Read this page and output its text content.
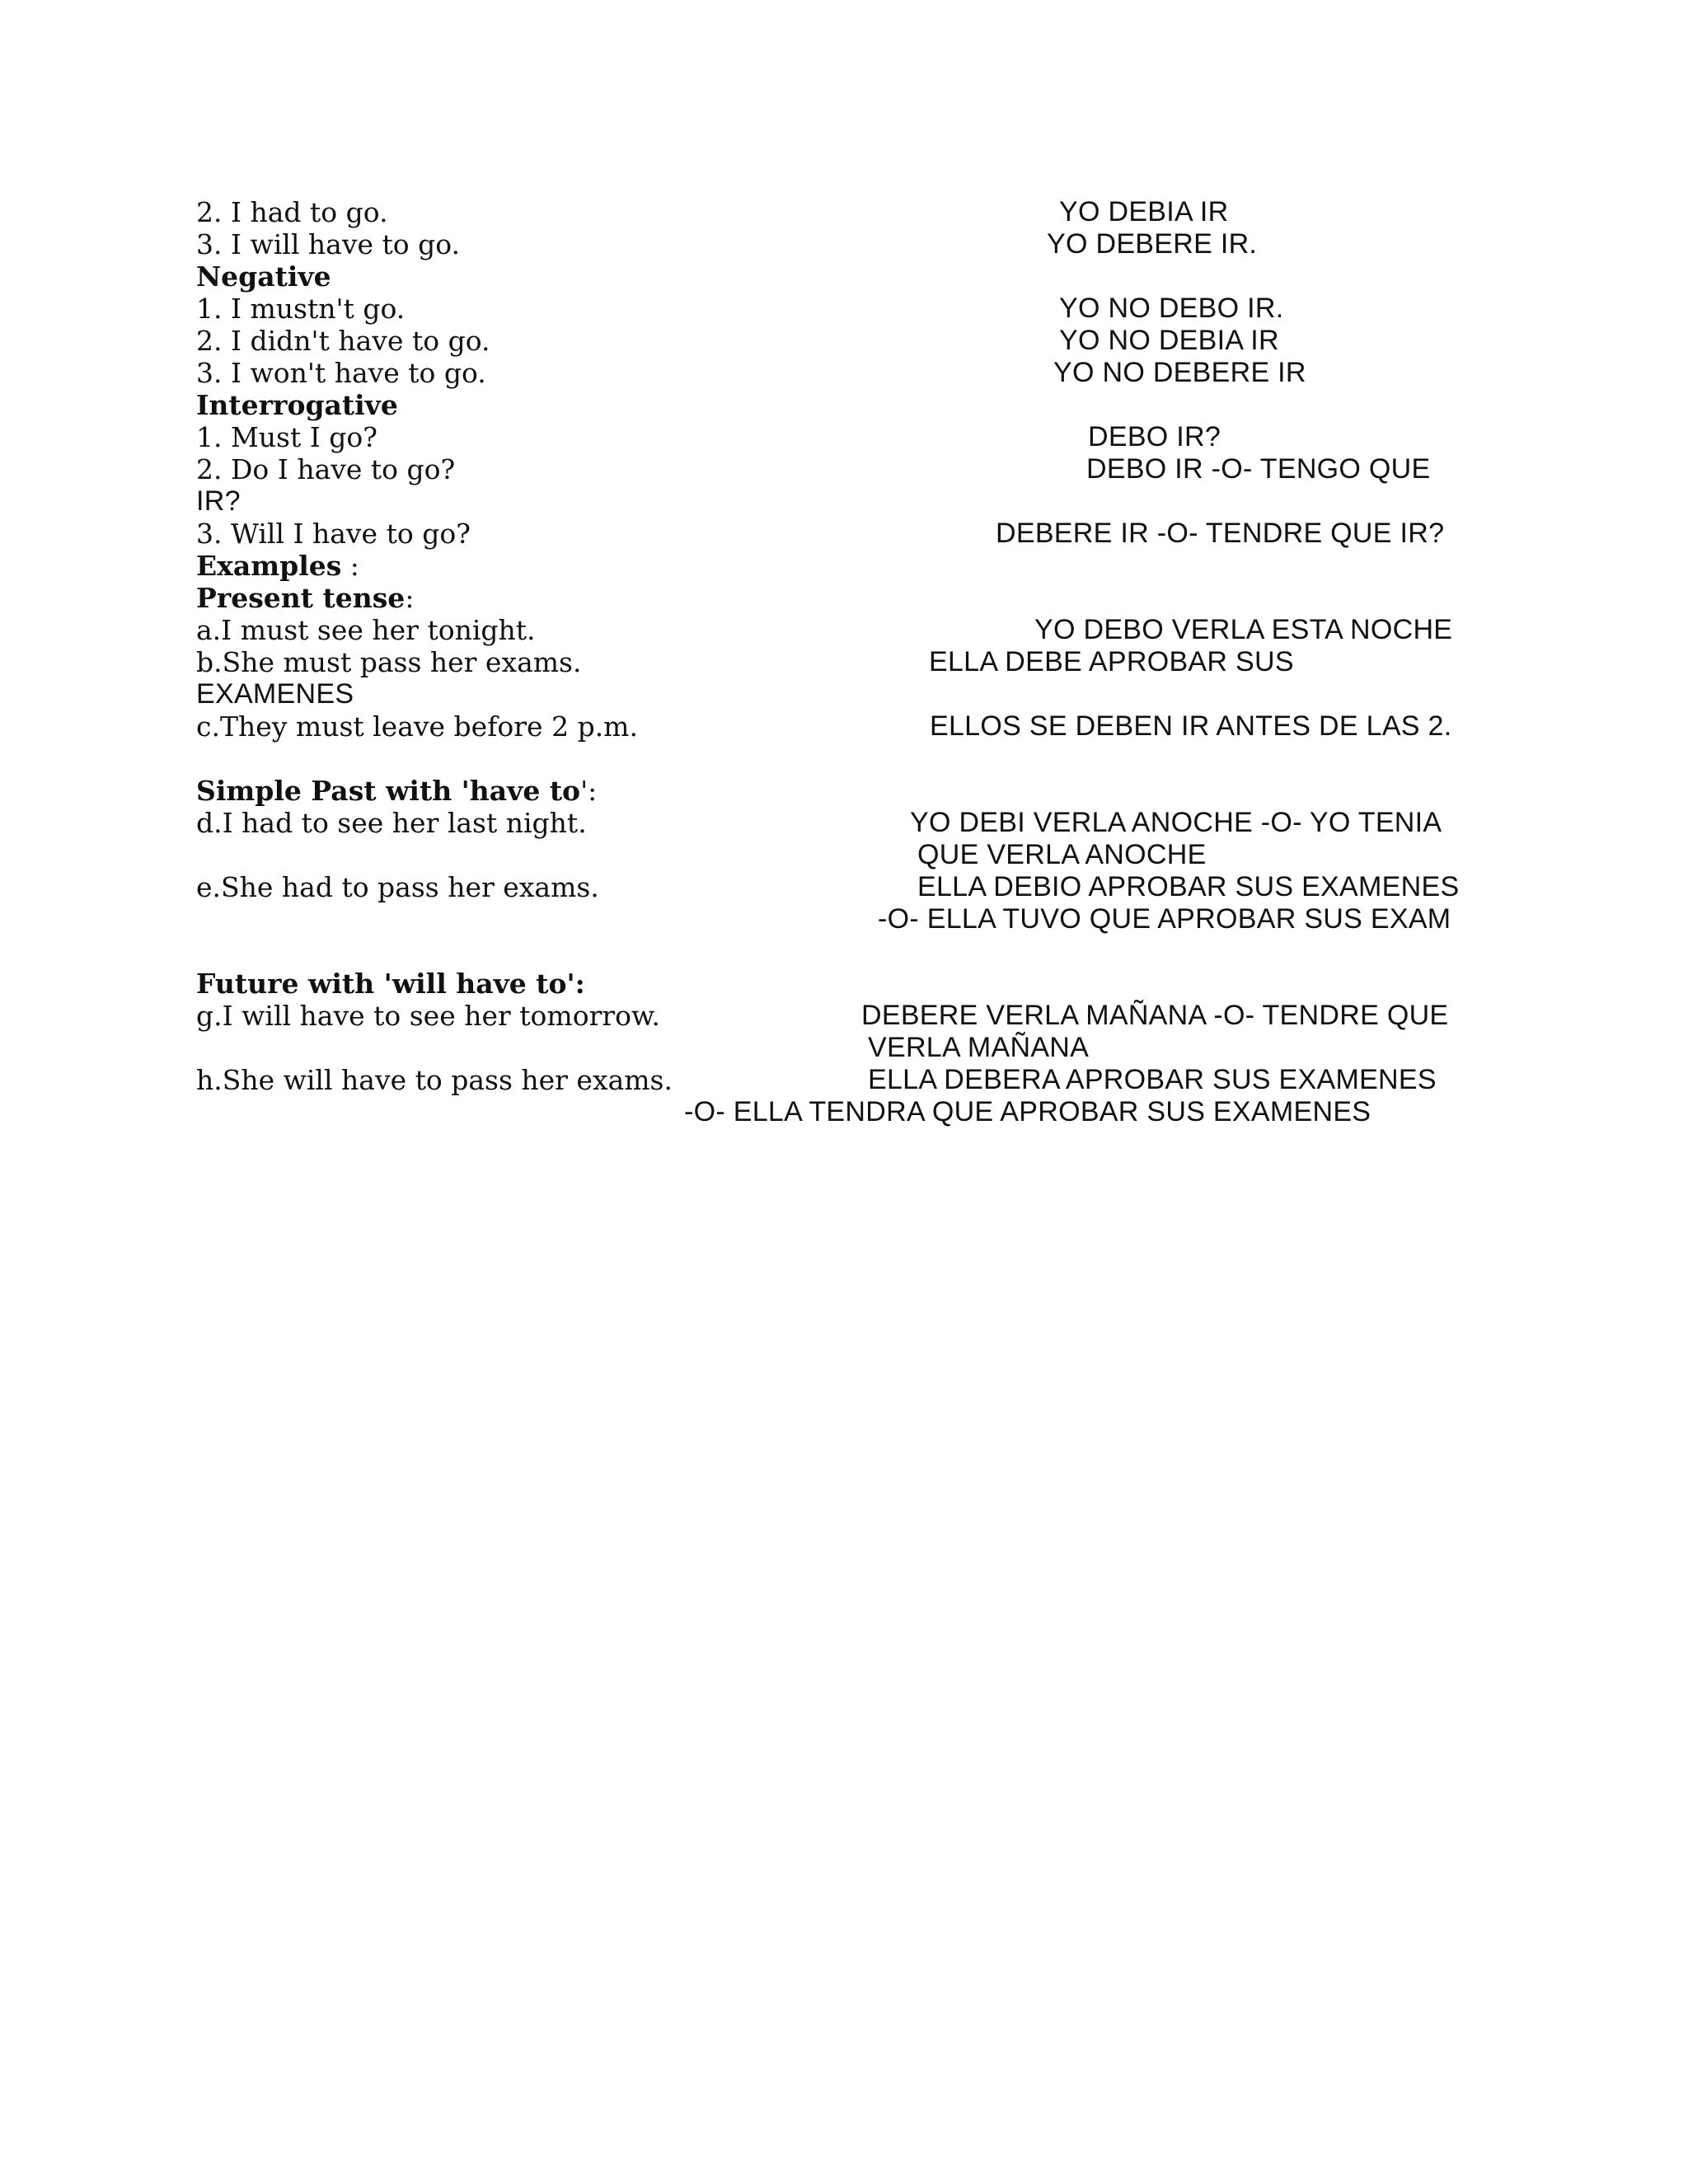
2. I had to go.	YO DEBIA IR
3. I will have to go.	YO DEBERE IR.
Negative
1. I mustn't go.	YO NO DEBO IR.
2. I didn't have to go.	YO NO DEBIA IR
3. I won't have to go.	YO NO DEBERE IR
Interrogative
1. Must I go?	DEBO IR?
2. Do I have to go?	DEBO IR -O- TENGO QUE
IR?
3. Will I have to go?	DEBERE IR -O- TENDRE QUE IR?
Examples :
Present tense:
a.I must see her tonight.	YO DEBO VERLA ESTA NOCHE
b.She must pass her exams.	ELLA DEBE APROBAR SUS
EXAMENES
c.They must leave before 2 p.m.	ELLOS SE DEBEN IR ANTES DE LAS 2.
Simple Past with 'have to':
d.I had to see her last night.	YO DEBI VERLA ANOCHE -O- YO TENIA
QUE VERLA ANOCHE
e.She had to pass her exams.	ELLA DEBIO APROBAR SUS EXAMENES
-O- ELLA TUVO QUE APROBAR SUS EXAM
Future with 'will have to':
g.I will have to see her tomorrow.	DEBERE VERLA MAÑANA -O- TENDRE QUE
VERLA MAÑANA
h.She will have to pass her exams.	ELLA DEBERA APROBAR SUS EXAMENES
-O- ELLA TENDRA QUE APROBAR SUS EXAMENES
